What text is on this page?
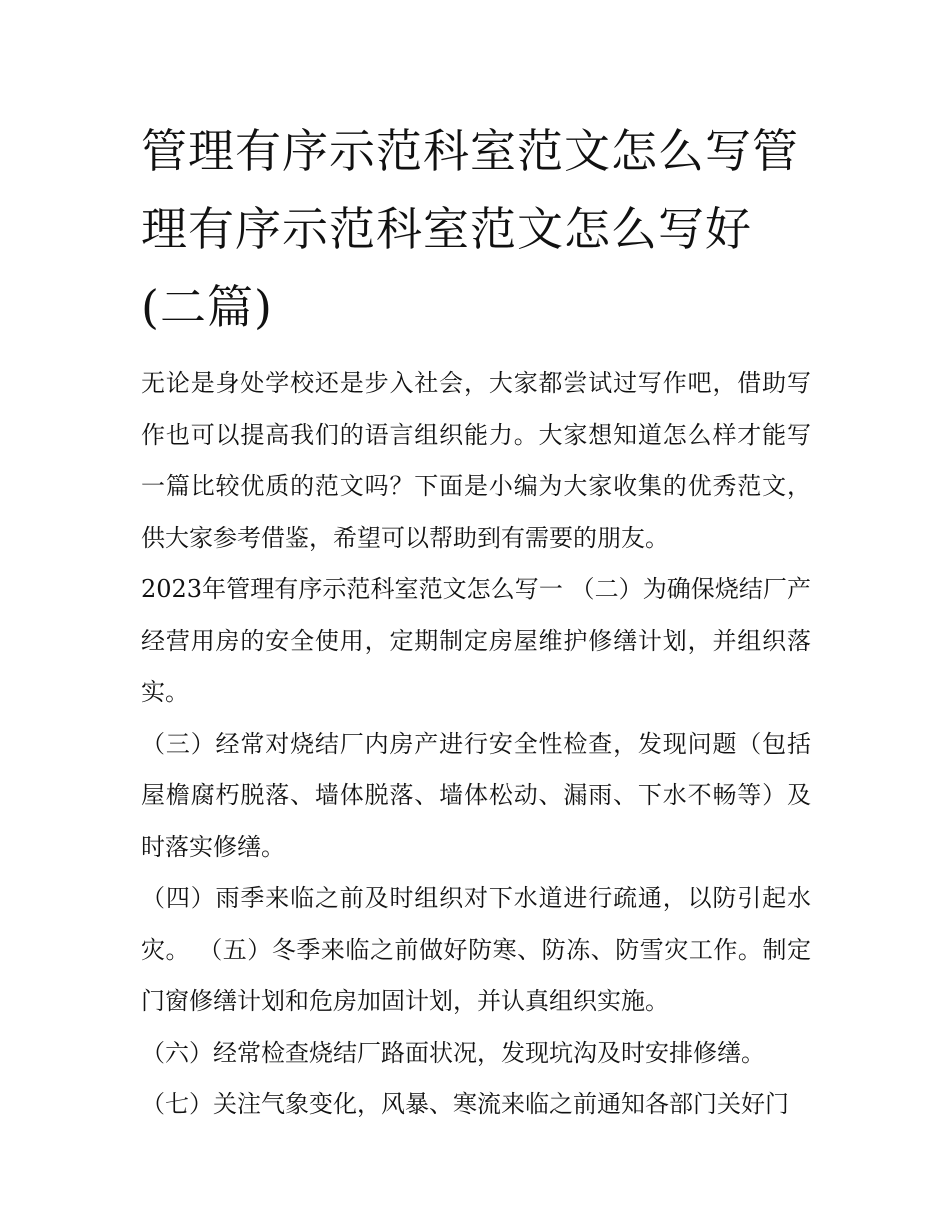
管理有序示范科室范文怎么写管理有序示范科室范文怎么写好(二篇)

无论是身处学校还是步入社会，大家都尝试过写作吧，借助写作也可以提高我们的语言组织能力。大家想知道怎么样才能写一篇比较优质的范文吗？下面是小编为大家收集的优秀范文，供大家参考借鉴，希望可以帮助到有需要的朋友。

2023年管理有序示范科室范文怎么写一 （二）为确保烧结厂产经营用房的安全使用，定期制定房屋维护修缮计划，并组织落实。

（三）经常对烧结厂内房产进行安全性检查，发现问题（包括屋檐腐朽脱落、墙体脱落、墙体松动、漏雨、下水不畅等）及时落实修缮。

（四）雨季来临之前及时组织对下水道进行疏通，以防引起水灾。 （五）冬季来临之前做好防寒、防冻、防雪灾工作。制定门窗修缮计划和危房加固计划，并认真组织实施。

（六）经常检查烧结厂路面状况，发现坑沟及时安排修缮。

（七）关注气象变化，风暴、寒流来临之前通知各部门关好门
